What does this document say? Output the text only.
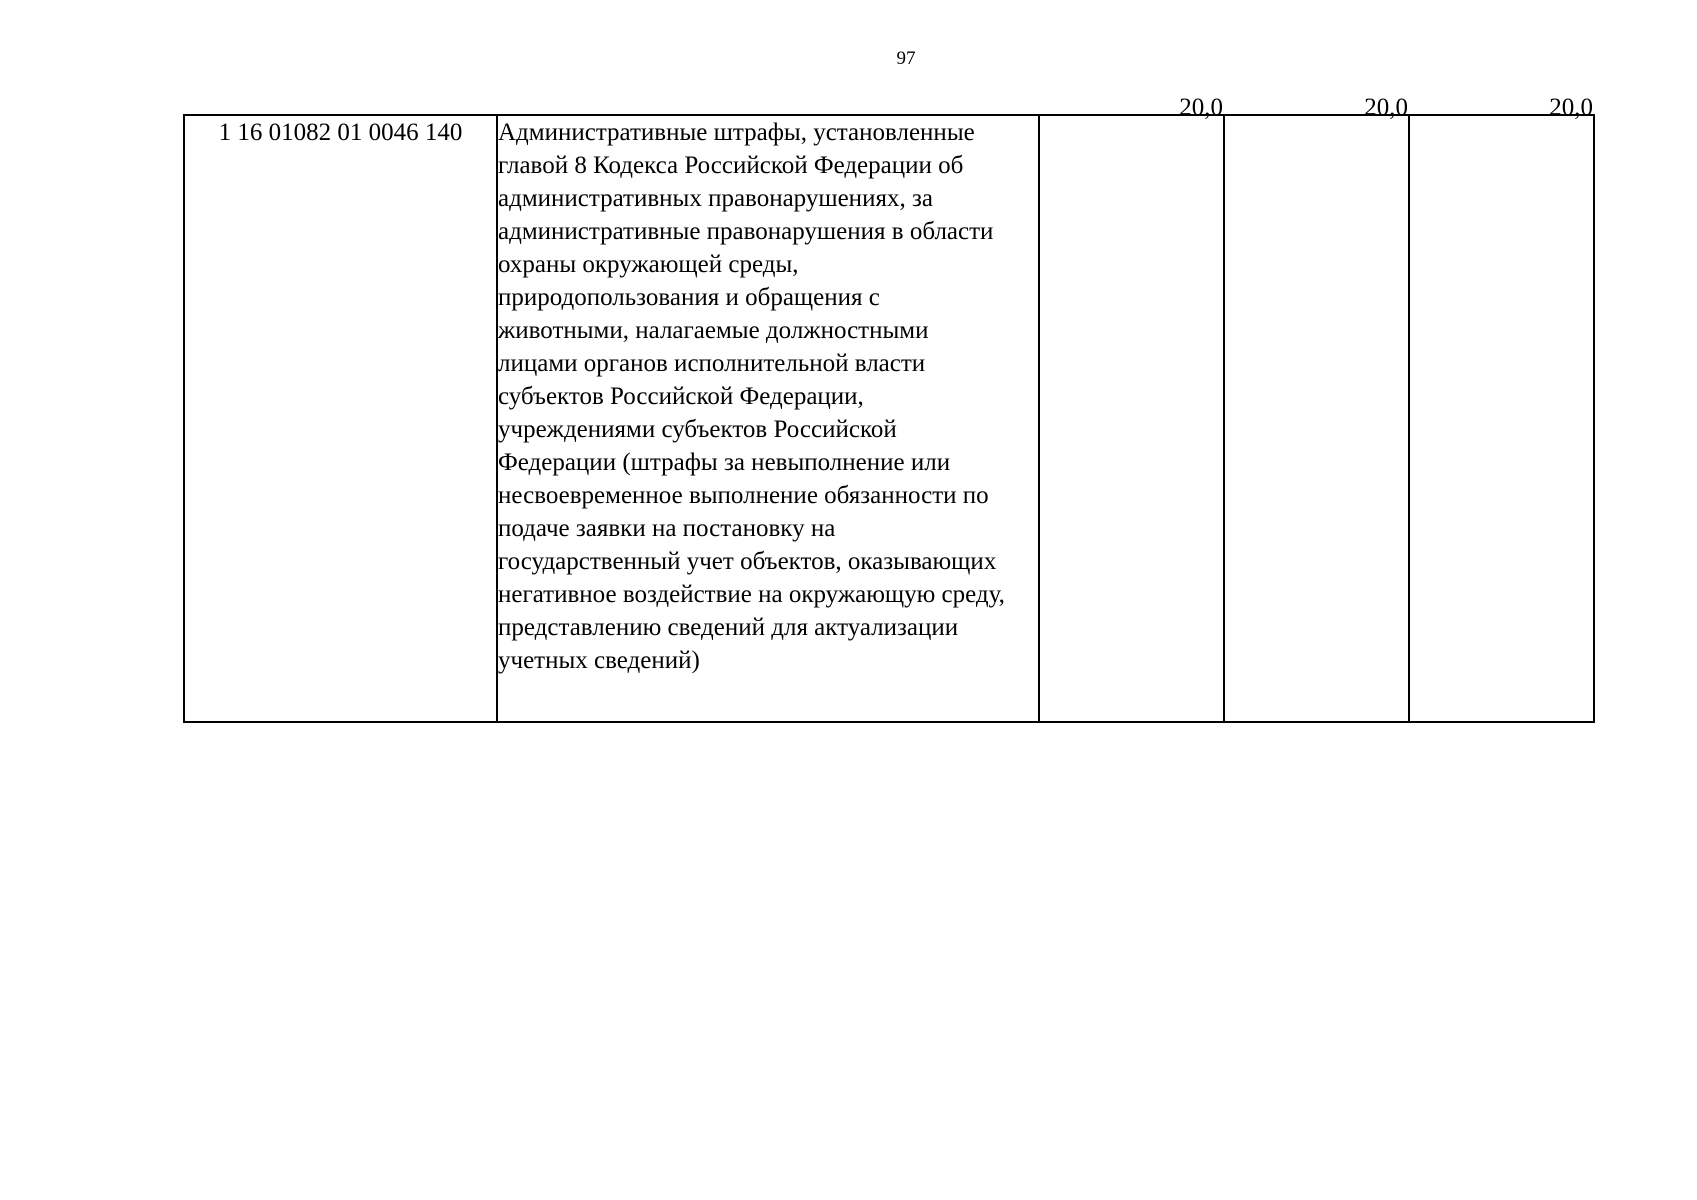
97
1 16 01082 01 0046 140	Административные штрафы, установленные
главой 8 Кодекса Российской Федерации об
административных правонарушениях, за
административные правонарушения в области
охраны окружающей среды,
природопользования и обращения с
животными, налагаемые должностными
лицами органов исполнительной власти
субъектов Российской Федерации,
учреждениями субъектов Российской
Федерации (штрафы за невыполнение или
несвоевременное выполнение обязанности по
подаче заявки на постановку на
государственный учет объектов, оказывающих
негативное воздействие на окружающую среду,
представлению сведений для актуализации
учетных сведений)

20,0	20,0	20,0
